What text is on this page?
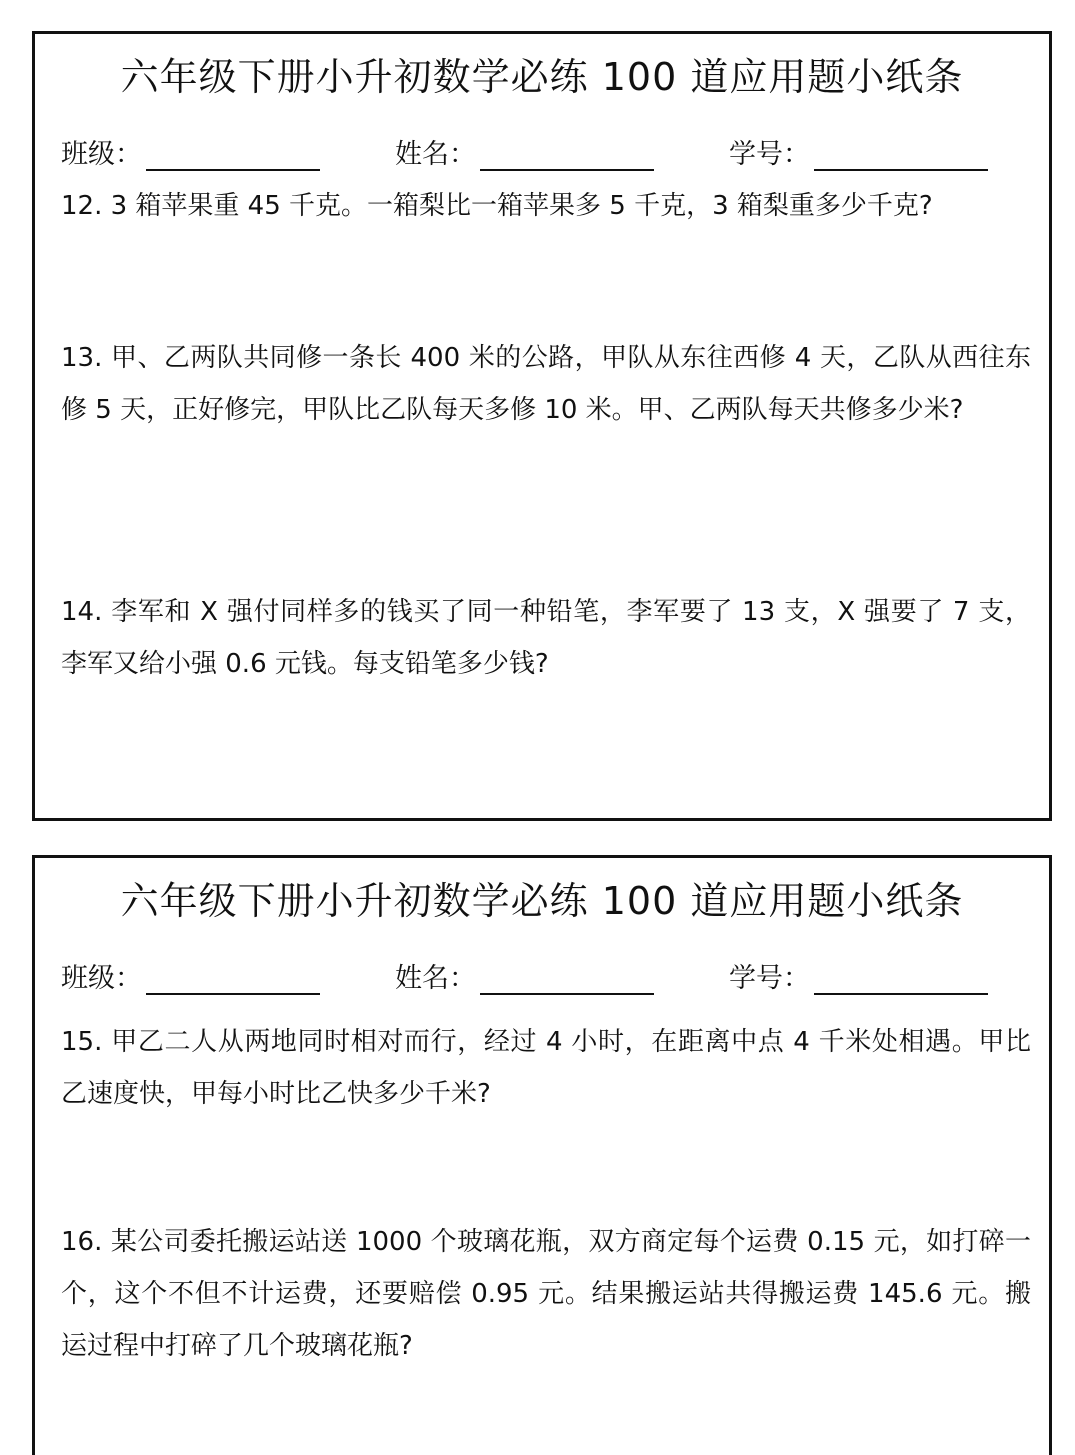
六年级下册小升初数学必练 100 道应用题小纸条
班级：	姓名：	学号：

12. 3 箱苹果重 45 千克。一箱梨比一箱苹果多 5 千克，3 箱梨重多少千克?

13. 甲、乙两队共同修一条长 400 米的公路，甲队从东往西修 4 天，乙队从西往东修 5 天，正好修完，甲队比乙队每天多修 10 米。甲、乙两队每天共修多少米?

14. 李军和 X 强付同样多的钱买了同一种铅笔，李军要了 13 支，X 强要了 7 支，李军又给小强 0.6 元钱。每支铅笔多少钱?

六年级下册小升初数学必练 100 道应用题小纸条
班级：	姓名：	学号：

15. 甲乙二人从两地同时相对而行，经过 4 小时，在距离中点 4 千米处相遇。甲比乙速度快，甲每小时比乙快多少千米?

16. 某公司委托搬运站送 1000 个玻璃花瓶，双方商定每个运费 0.15 元，如打碎一个，这个不但不计运费，还要赔偿 0.95 元。结果搬运站共得搬运费 145.6 元。搬运过程中打碎了几个玻璃花瓶?
